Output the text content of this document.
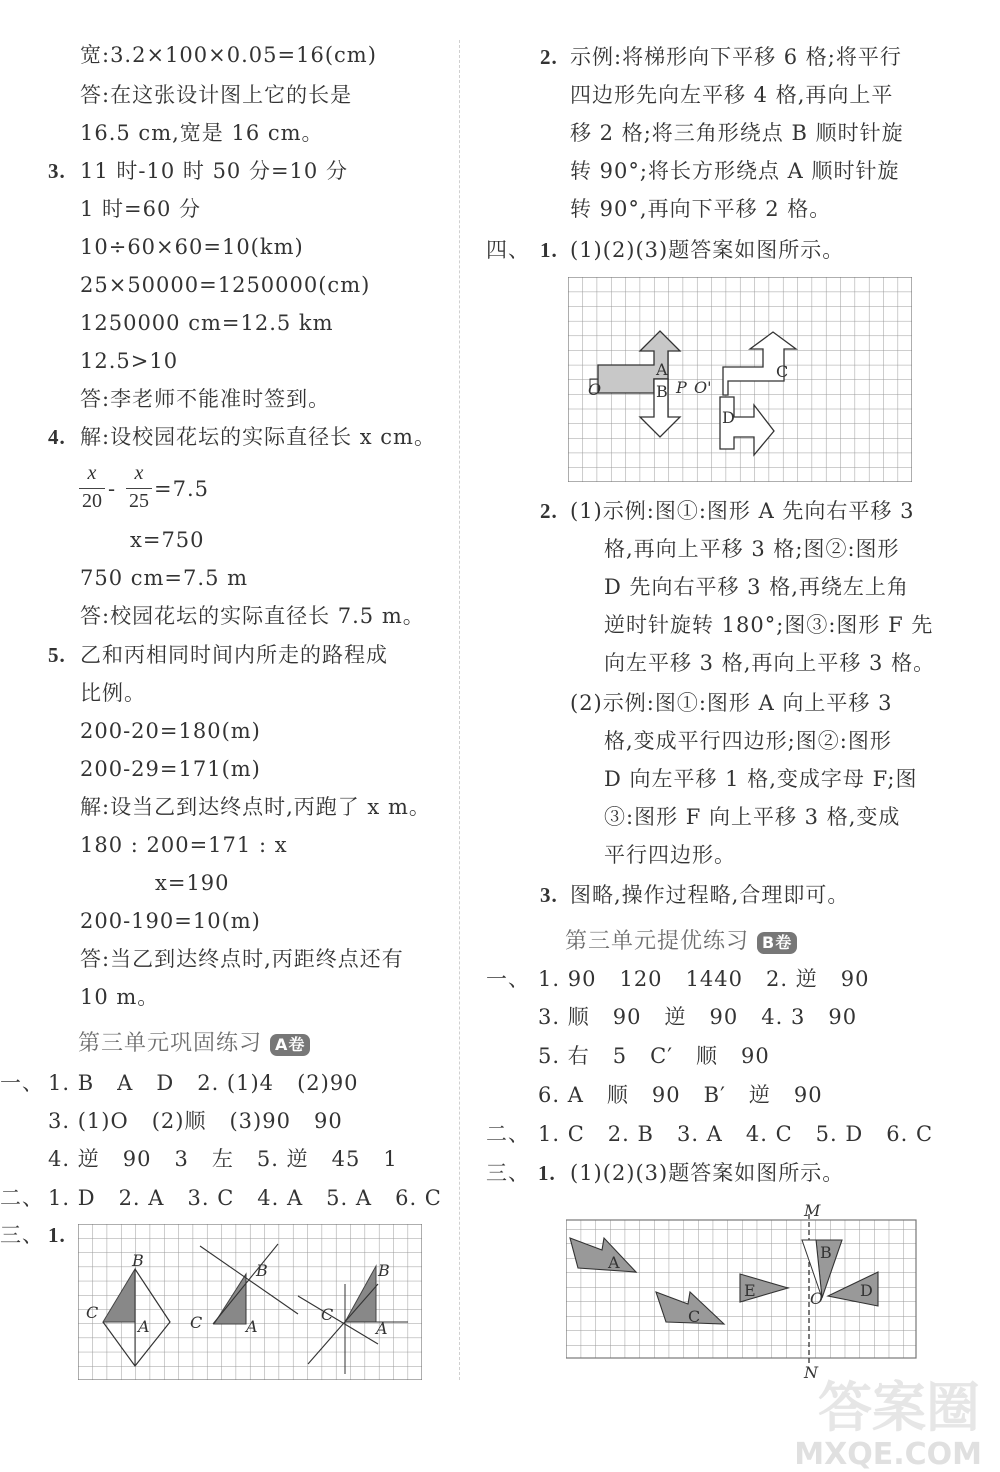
宽:3.2×100×0.05=16(cm)
答:在这张设计图上它的长是
16.5 cm,宽是 16 cm。
3. 11 时-10 时 50 分=10 分
1 时=60 分
10÷60×60=10(km)
25×50000=1250000(cm)
1250000 cm=12.5 km
12.5>10
答:李老师不能准时签到。
4. 解:设校园花坛的实际直径长 x cm。
x
20 -
x
25 =7.5
x=750
750 cm=7.5 m
答:校园花坛的实际直径长 7.5 m。
5. 乙和丙相同时间内所走的路程成
比例。
200-20=180(m)
200-29=171(m)
解:设当乙到达终点时,丙跑了 x m。
180 : 200=171 : x
x=190
200-190=10(m)
答:当乙到达终点时,丙距终点还有
10 m。
第三单元巩固练习 A卷
一、 1. B   A   D   2. (1)4   (2)90
3. (1)O   (2)顺   (3)90   90
4. 逆   90   3   左   5. 逆   45   1
二、 1. D   2. A   3. C   4. A   5. A   6. C
三、 1.
B
C
A
B
C	A
B
C
A
2. 示例:将梯形向下平移 6 格;将平行
四边形先向左平移 4 格,再向上平
移 2 格;将三角形绕点 B 顺时针旋
转 90°;将长方形绕点 A 顺时针旋
转 90°,再向下平移 2 格。
四、 1. (1)(2)(3)题答案如图所示。
O
A
B P O'
C
D
2. (1)示例:图①:图形 A 先向右平移 3
格,再向上平移 3 格;图②:图形
D 先向右平移 3 格,再绕左上角
逆时针旋转 180°;图③:图形 F 先
向左平移 3 格,再向上平移 3 格。
(2)示例:图①:图形 A 向上平移 3
格,变成平行四边形;图②:图形
D 向左平移 1 格,变成字母 F;图
③:图形 F 向上平移 3 格,变成
平行四边形。
3. 图略,操作过程略,合理即可。
第三单元提优练习 B卷
一、 1. 90   120   1440   2. 逆   90
3. 顺   90   逆   90   4. 3   90
5. 右   5   C′   顺   90
6. A   顺   90   B′   逆   90
二、 1. C   2. B   3. A   4. C   5. D   6. C
三、 1. (1)(2)(3)题答案如图所示。
M
N
A
C
E
B
D
O
答案圈
MXQE.COM
